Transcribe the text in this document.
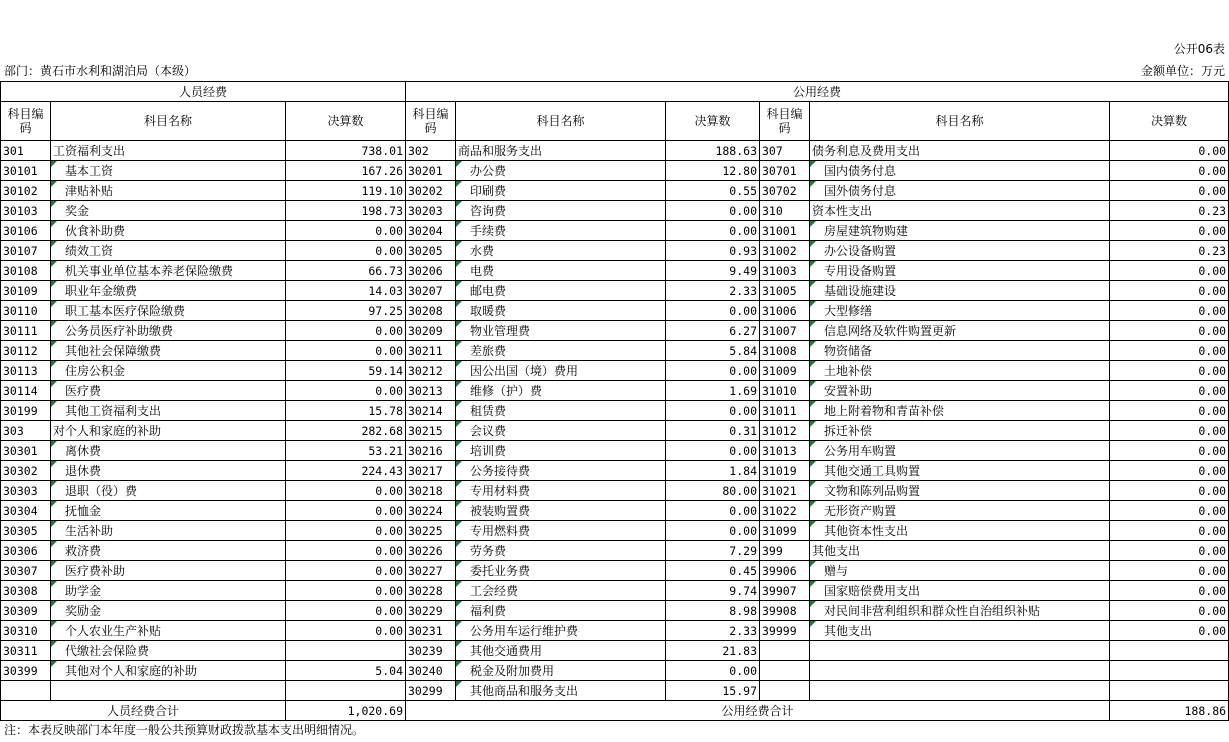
公开06表
部门：黄石市水利和湖泊局（本级）	金额单位：万元
人员经费			公用经费					
科目编码	科目名称	决算数	科目编码	科目名称	决算数	科目编码	科目名称	决算数
301	工资福利支出	738.01	302	商品和服务支出	188.63	307	债务利息及费用支出	0.00
30101	基本工资	167.26	30201	办公费	12.80	30701	国内债务付息	0.00
30102	津贴补贴	119.10	30202	印刷费	0.55	30702	国外债务付息	0.00
30103	奖金	198.73	30203	咨询费	0.00	310	资本性支出	0.23
30106	伙食补助费	0.00	30204	手续费	0.00	31001	房屋建筑物购建	0.00
30107	绩效工资	0.00	30205	水费	0.93	31002	办公设备购置	0.23
30108	机关事业单位基本养老保险缴费	66.73	30206	电费	9.49	31003	专用设备购置	0.00
30109	职业年金缴费	14.03	30207	邮电费	2.33	31005	基础设施建设	0.00
30110	职工基本医疗保险缴费	97.25	30208	取暖费	0.00	31006	大型修缮	0.00
30111	公务员医疗补助缴费	0.00	30209	物业管理费	6.27	31007	信息网络及软件购置更新	0.00
30112	其他社会保障缴费	0.00	30211	差旅费	5.84	31008	物资储备	0.00
30113	住房公积金	59.14	30212	因公出国（境）费用	0.00	31009	土地补偿	0.00
30114	医疗费	0.00	30213	维修（护）费	1.69	31010	安置补助	0.00
30199	其他工资福利支出	15.78	30214	租赁费	0.00	31011	地上附着物和青苗补偿	0.00
303	对个人和家庭的补助	282.68	30215	会议费	0.31	31012	拆迁补偿	0.00
30301	离休费	53.21	30216	培训费	0.00	31013	公务用车购置	0.00
30302	退休费	224.43	30217	公务接待费	1.84	31019	其他交通工具购置	0.00
30303	退职（役）费	0.00	30218	专用材料费	80.00	31021	文物和陈列品购置	0.00
30304	抚恤金	0.00	30224	被装购置费	0.00	31022	无形资产购置	0.00
30305	生活补助	0.00	30225	专用燃料费	0.00	31099	其他资本性支出	0.00
30306	救济费	0.00	30226	劳务费	7.29	399	其他支出	0.00
30307	医疗费补助	0.00	30227	委托业务费	0.45	39906	赠与	0.00
30308	助学金	0.00	30228	工会经费	9.74	39907	国家赔偿费用支出	0.00
30309	奖励金	0.00	30229	福利费	8.98	39908	对民间非营利组织和群众性自治组织补贴	0.00
30310	个人农业生产补贴	0.00	30231	公务用车运行维护费	2.33	39999	其他支出	0.00
30311	代缴社会保险费		30239	其他交通费用	21.83			
30399	其他对个人和家庭的补助	5.04	30240	税金及附加费用	0.00			
			30299	其他商品和服务支出	15.97			
人员经费合计		1,020.69	公用经费合计					188.86
注：本表反映部门本年度一般公共预算财政拨款基本支出明细情况。
